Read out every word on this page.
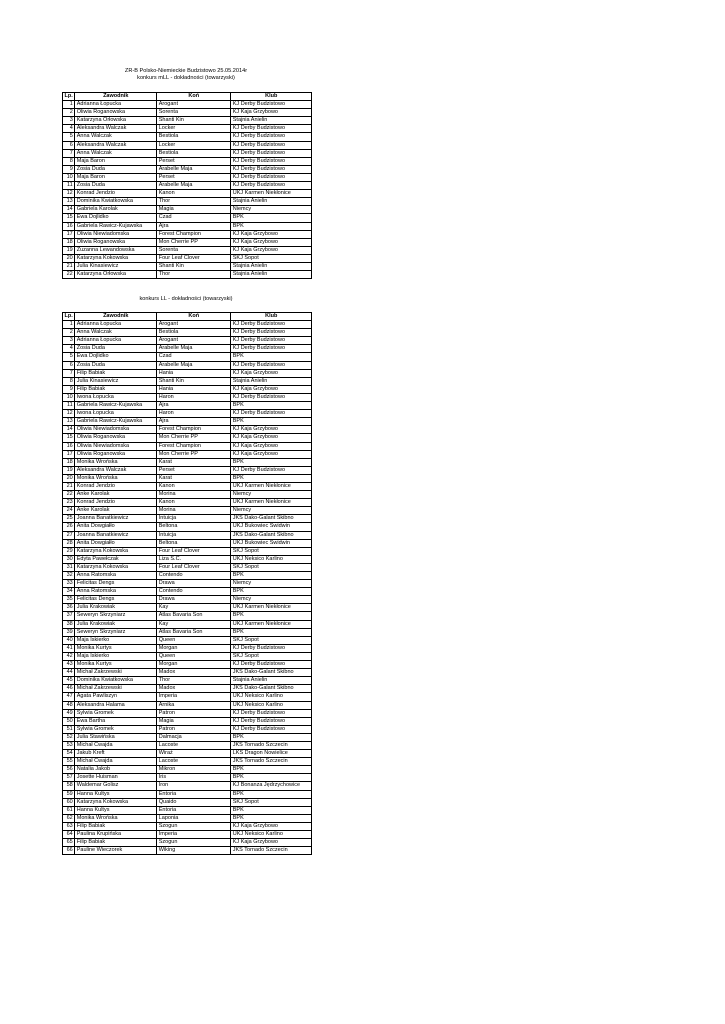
ZR-B Polsko-Niemieckie Budzistowo 25.05.2014r
konkurs mLL - dokładności (towarzyski)
Lp.	Zawodnik	Koń	Klub
1	Adrianna Łopucka	Arogant	KJ Derby Budzistowo
2	Oliwia Roganowska	Sorenta	KJ Kaja Grzybowo
3	Katarzyna Orłowska	Shanti Kin	Stajnia Anielin
4	Aleksandra Walczak	Locker	KJ Derby Budzistowo
5	Anna Walczak	Bestiola	KJ Derby Budzistowo
6	Aleksandra Walczak	Locker	KJ Derby Budzistowo
7	Anna Walczak	Bestiola	KJ Derby Budzistowo
8	Maja Baron	Perset	KJ Derby Budzistowo
9	Zosia Duda	Arabelle Maja	KJ Derby Budzistowo
10	Maja Baron	Perset	KJ Derby Budzistowo
11	Zosia Duda	Arabelle Maja	KJ Derby Budzistowo
12	Konrad Jendzio	Kanon	UKJ Karmen Niekłonice
13	Dominika Kwiatkowska	Thor	Stajnia Anielin
14	Gabriela Karolak	Magia	Niemcy
15	Ewa Dojlidko	Czad	BPK
16	Gabriela Rawicz-Kujawska	Ajra	BPK
17	Oliwia Niewiadomska	Forest Champion	KJ Kaja Grzybowo
18	Oliwia Roganowska	Mon Cherrie PP	KJ Kaja Grzybowo
19	Zuzanna Lewandowska	Sorenta	KJ Kaja Grzybowo
20	Katarzyna Kokowska	Four Leaf Clover	SKJ Sopot
21	Julia Kinasiewicz	Shanti Kin	Stajnia Anielin
22	Katarzyna Orłowska	Thor	Stajnia Anielin
konkurs LL - dokładności (towarzyski)
Lp.	Zawodnik	Koń	Klub
1	Adrianna Łopucka	Arogant	KJ Derby Budzistowo
2	Anna Walczak	Bestiola	KJ Derby Budzistowo
3	Adrianna Łopucka	Arogant	KJ Derby Budzistowo
4	Zosia Duda	Arabelle Maja	KJ Derby Budzistowo
5	Ewa Dojlidko	Czad	BPK
6	Zosia Duda	Arabelle Maja	KJ Derby Budzistowo
7	Filip Babiak	Hania	KJ Kaja Grzybowo
8	Julia Kinasiewicz	Shanti Kin	Stajnia Anielin
9	Filip Babiak	Hania	KJ Kaja Grzybowo
10	Iwona Łopucka	Haron	KJ Derby Budzistowo
11	Gabriela Rawicz-Kujawska	Ajra	BPK
12	Iwona Łopucka	Haron	KJ Derby Budzistowo
13	Gabriela Rawicz-Kujawska	Ajra	BPK
14	Oliwia Niewiadomska	Forest Champion	KJ Kaja Grzybowo
15	Oliwia Roganowska	Mon Cherrie PP	KJ Kaja Grzybowo
16	Oliwia Niewiadomska	Forest Champion	KJ Kaja Grzybowo
17	Oliwia Roganowska	Mon Cherrie PP	KJ Kaja Grzybowo
18	Monika Wrońska	Karat	BPK
19	Aleksandra Walczak	Perset	KJ Derby Budzistowo
20	Monika Wrońska	Karat	BPK
21	Konrad Jendzio	Kanon	UKJ Karmen Niekłonice
22	Anke Karolak	Morina	Niemcy
23	Konrad Jendzio	Kanon	UKJ Karmen Niekłonice
24	Anke Karolak	Morina	Niemcy
25	Joanna Banatkiewicz	Intuicja	JKS Dako-Galant Skibno
26	Anita Dowgiałło	Beltona	UKJ Bukowiec Świdwin
27	Joanna Banatkiewicz	Intuicja	JKS Dako-Galant Skibno
28	Anita Dowgiałło	Beltona	UKJ Bukowiec Świdwin
29	Katarzyna Kokowska	Four Leaf Clover	SKJ Sopot
30	Edyta Pawełczak	Liza S.C.	UKJ Neksico Karlino
31	Katarzyna Kokowska	Four Leaf Clover	SKJ Sopot
32	Anna Ratomska	Contendo	BPK
33	Felicitas Dengs	Drawa	Niemcy
34	Anna Ratomska	Contendo	BPK
35	Felicitas Dengs	Drawa	Niemcy
36	Julia Krakowiak	Kay	UKJ Karmen Niekłonice
37	Seweryn Skrzyniarz	Atlas Bavaria Son	BPK
38	Julia Krakowiak	Kay	UKJ Karmen Niekłonice
39	Seweryn Skrzyniarz	Atlas Bavaria Son	BPK
40	Maja Iskierko	Queen	SKJ Sopot
41	Monika Kurtys	Morgan	KJ Derby Budzistowo
42	Maja Iskierko	Queen	SKJ Sopot
43	Monika Kurtys	Morgan	KJ Derby Budzistowo
44	Michał Zakrzewski	Madox	JKS Dako-Galant Skibno
45	Dominika Kwiatkowska	Thor	Stajnia Anielin
46	Michał Zakrzewski	Madox	JKS Dako-Galant Skibno
47	Agata Pawliszyn	Imperia	UKJ Neksico Karlino
48	Aleksandra Halama	Arnika	UKJ Neksico Karlino
49	Sylwia Gromek	Patron	KJ Derby Budzistowo
50	Ewa Bartha	Magia	KJ Derby Budzistowo
51	Sylwia Gromek	Patron	KJ Derby Budzistowo
52	Julia Stawińska	Dalmacja	BPK
53	Michał Cwajda	Lacoste	JKS Tornado Szczecin
54	Jakub Kreft	Wiraż	LKS Dragon Nowielice
55	Michał Cwajda	Lacoste	JKS Tornado Szczecin
56	Natalia Jakob	Mikron	BPK
57	Josette Huisman	Iris	BPK
58	Waldemar Golisz	Iron	KJ Bonanza Jędrzychowice
59	Hanna Kultys	Entoria	BPK
60	Katarzyna Kokowska	Quaido	SKJ Sopot
61	Hanna Kultys	Entoria	BPK
62	Monika Wrońska	Laponia	BPK
63	Filip Babiak	Szogun	KJ Kaja Grzybowo
64	Paulina Krupińska	Imperia	UKJ Neksico Karlino
65	Filip Babiak	Szogun	KJ Kaja Grzybowo
66	Pauline Wieczorek	Wiking	JKS Tornado Szczecin
